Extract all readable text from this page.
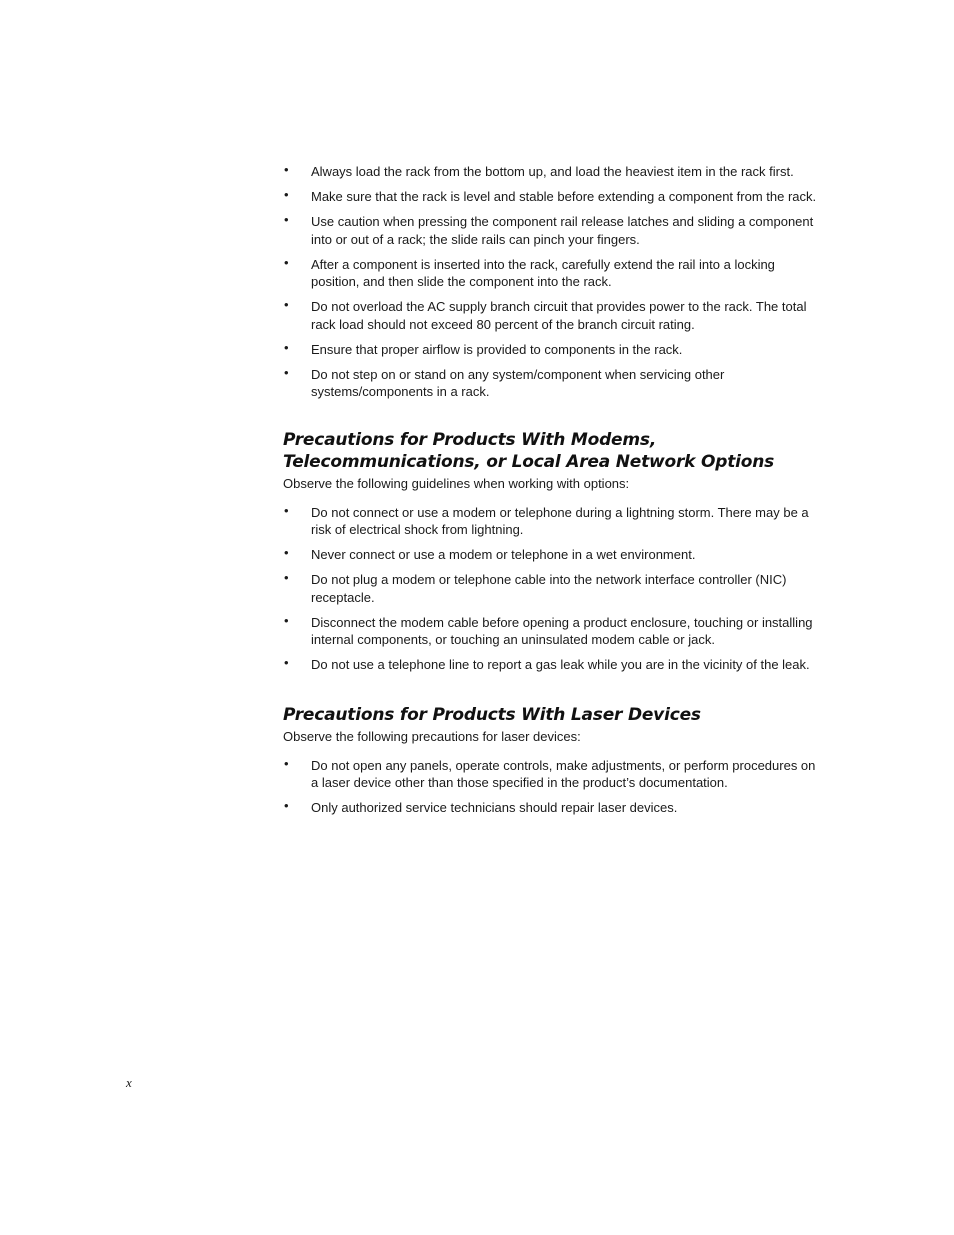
• Always load the rack from the bottom up, and load the heaviest item in the rack first.
• Make sure that the rack is level and stable before extending a component from the rack.
• Use caution when pressing the component rail release latches and sliding a component into or out of a rack; the slide rails can pinch your fingers.
• After a component is inserted into the rack, carefully extend the rail into a locking position, and then slide the component into the rack.
• Do not overload the AC supply branch circuit that provides power to the rack. The total rack load should not exceed 80 percent of the branch circuit rating.
• Ensure that proper airflow is provided to components in the rack.
• Do not step on or stand on any system/component when servicing other systems/components in a rack.
Precautions for Products With Modems,
Telecommunications, or Local Area Network Options

Observe the following guidelines when working with options:

• Do not connect or use a modem or telephone during a lightning storm. There may be a risk of electrical shock from lightning.
• Never connect or use a modem or telephone in a wet environment.
• Do not plug a modem or telephone cable into the network interface controller (NIC) receptacle.
• Disconnect the modem cable before opening a product enclosure, touching or installing internal components, or touching an uninsulated modem cable or jack.
• Do not use a telephone line to report a gas leak while you are in the vicinity of the leak.
Precautions for Products With Laser Devices

Observe the following precautions for laser devices:

• Do not open any panels, operate controls, make adjustments, or perform procedures on a laser device other than those specified in the product’s documentation.
• Only authorized service technicians should repair laser devices.
x
